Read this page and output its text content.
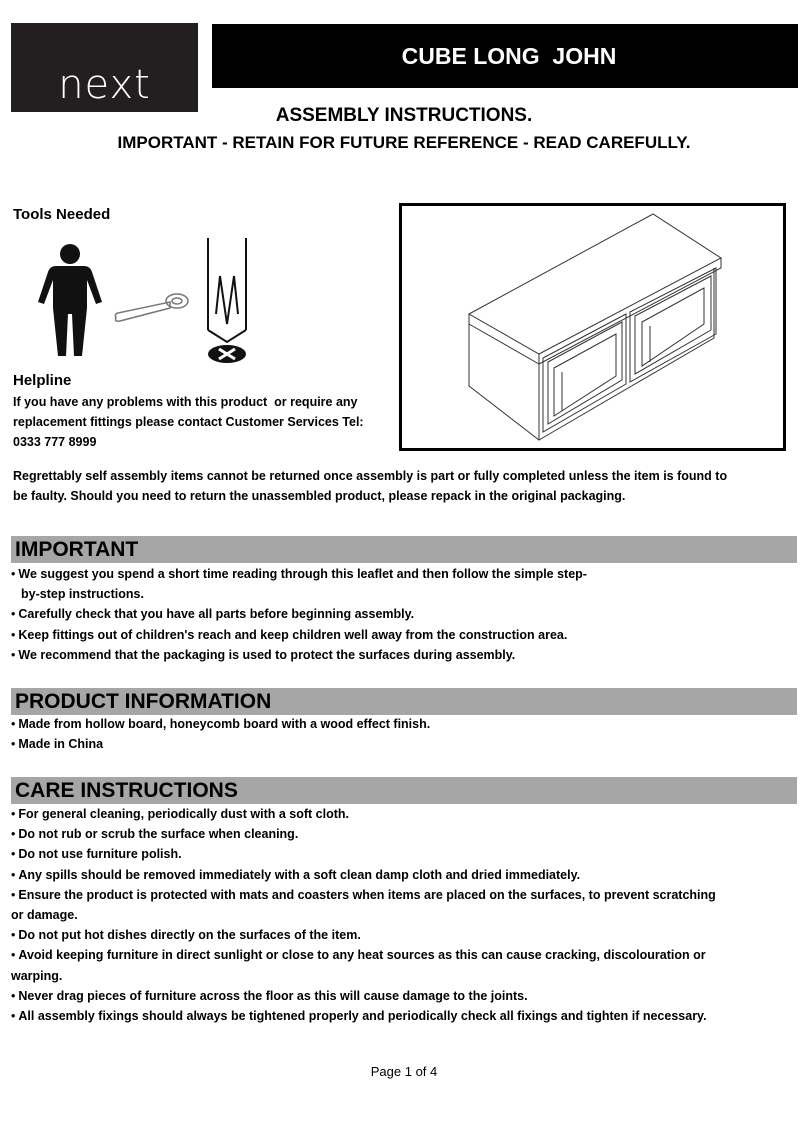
next
CUBE LONG  JOHN
ASSEMBLY INSTRUCTIONS.
IMPORTANT - RETAIN FOR FUTURE REFERENCE - READ CAREFULLY.
Tools Needed
Helpline
If you have any problems with this product  or require any
replacement fittings please contact Customer Services Tel:
0333 777 8999
Regrettably self assembly items cannot be returned once assembly is part or fully completed unless the item is found to
be faulty. Should you need to return the unassembled product, please repack in the original packaging.
IMPORTANT
• We suggest you spend a short time reading through this leaflet and then follow the simple step-
by-step instructions.
• Carefully check that you have all parts before beginning assembly.
• Keep fittings out of children's reach and keep children well away from the construction area.
• We recommend that the packaging is used to protect the surfaces during assembly.
PRODUCT INFORMATION
• Made from hollow board, honeycomb board with a wood effect finish.
• Made in China
CARE INSTRUCTIONS
• For general cleaning, periodically dust with a soft cloth.
• Do not rub or scrub the surface when cleaning.
• Do not use furniture polish.
• Any spills should be removed immediately with a soft clean damp cloth and dried immediately.
• Ensure the product is protected with mats and coasters when items are placed on the surfaces, to prevent scratching
or damage.
• Do not put hot dishes directly on the surfaces of the item.
• Avoid keeping furniture in direct sunlight or close to any heat sources as this can cause cracking, discolouration or
warping.
• Never drag pieces of furniture across the floor as this will cause damage to the joints.
• All assembly fixings should always be tightened properly and periodically check all fixings and tighten if necessary.
Page 1 of 4
